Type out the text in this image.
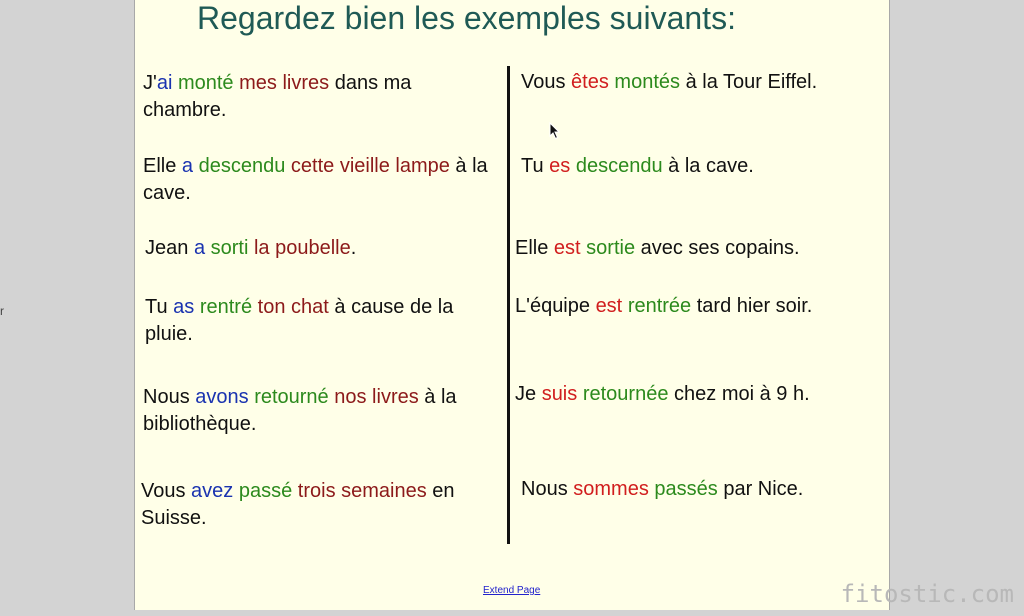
Regardez bien les exemples suivants:

J'ai monté mes livres dans ma chambre.

Elle a descendu cette vieille lampe à la cave.

Jean a sorti la poubelle.

Tu as rentré ton chat à cause de la pluie.

Nous avons retourné nos livres à la bibliothèque.

Vous avez passé trois semaines en Suisse.

Vous êtes montés à la Tour Eiffel.

Tu es descendu à la cave.

Elle est sortie avec ses copains.

L'équipe est rentrée tard hier soir.

Je suis retournée chez moi à 9 h.

Nous sommes passés par Nice.

Extend Page
r
fitostic.com
